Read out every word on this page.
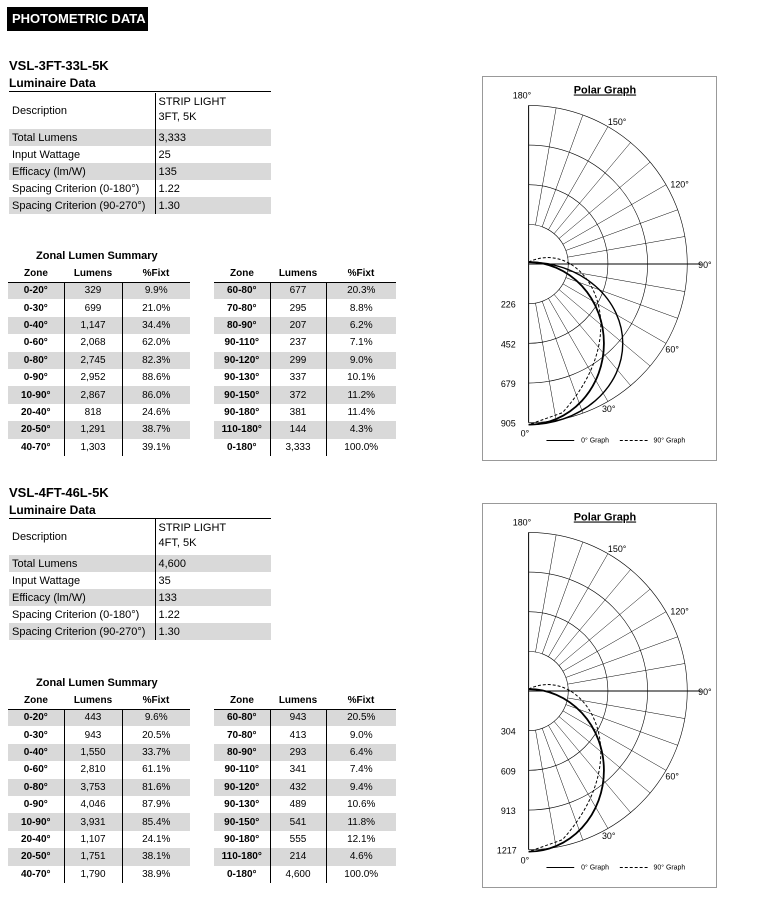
PHOTOMETRIC DATA
VSL-3FT-33L-5K
Luminaire Data
Description	STRIP LIGHT
3FT, 5K
Total Lumens	3,333
Input Wattage	25
Efficacy (lm/W)	135
Spacing Criterion (0-180°)	1.22
Spacing Criterion (90-270°)	1.30
Zonal Lumen Summary
Zone	Lumens	%Fixt
0-20°	329	9.9%
0-30°	699	21.0%
0-40°	1,147	34.4%
0-60°	2,068	62.0%
0-80°	2,745	82.3%
0-90°	2,952	88.6%
10-90°	2,867	86.0%
20-40°	818	24.6%
20-50°	1,291	38.7%
40-70°	1,303	39.1%
Zone	Lumens	%Fixt
60-80°	677	20.3%
70-80°	295	8.8%
80-90°	207	6.2%
90-110°	237	7.1%
90-120°	299	9.0%
90-130°	337	10.1%
90-150°	372	11.2%
90-180°	381	11.4%
110-180°	144	4.3%
0-180°	3,333	100.0%
Polar Graph
180°
150°
120°
90°
60°
30°
0°
226
452
679
905
0° Graph	90° Graph
VSL-4FT-46L-5K
Luminaire Data
Description	STRIP LIGHT
4FT, 5K
Total Lumens	4,600
Input Wattage	35
Efficacy (lm/W)	133
Spacing Criterion (0-180°)	1.22
Spacing Criterion (90-270°)	1.30
Zonal Lumen Summary
Zone	Lumens	%Fixt
0-20°	443	9.6%
0-30°	943	20.5%
0-40°	1,550	33.7%
0-60°	2,810	61.1%
0-80°	3,753	81.6%
0-90°	4,046	87.9%
10-90°	3,931	85.4%
20-40°	1,107	24.1%
20-50°	1,751	38.1%
40-70°	1,790	38.9%
Zone	Lumens	%Fixt
60-80°	943	20.5%
70-80°	413	9.0%
80-90°	293	6.4%
90-110°	341	7.4%
90-120°	432	9.4%
90-130°	489	10.6%
90-150°	541	11.8%
90-180°	555	12.1%
110-180°	214	4.6%
0-180°	4,600	100.0%
Polar Graph
180°
150°
120°
90°
60°
30°
0°
304
609
913
1217
0° Graph	90° Graph
